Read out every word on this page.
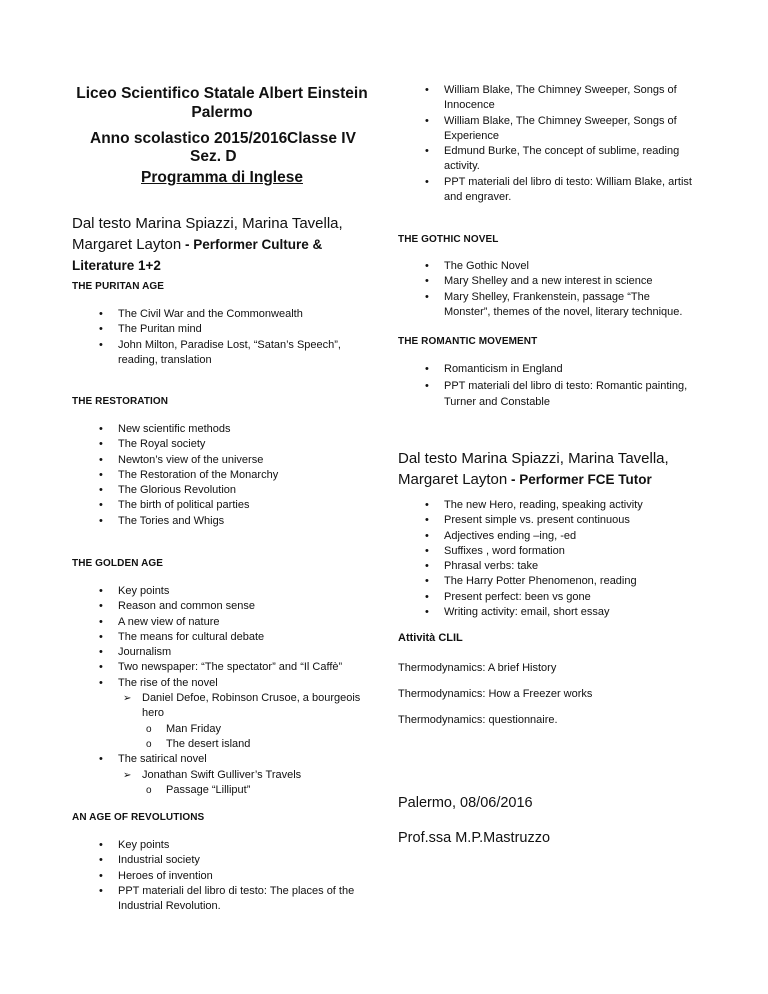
Liceo Scientifico Statale Albert Einstein
Palermo
Anno scolastico 2015/2016 Classe IV
Sez. D
Programma di Inglese
Dal testo Marina Spiazzi, Marina Tavella,
Margaret Layton - Performer Culture &
Literature 1+2
THE PURITAN AGE
• The Civil War and the Commonwealth
• The Puritan mind
• John Milton, Paradise Lost, “Satan’s Speech”, reading, translation
THE RESTORATION
• New scientific methods
• The Royal society
• Newton’s view of the universe
• The Restoration of the Monarchy
• The Glorious Revolution
• The birth of political parties
• The Tories and Whigs
THE GOLDEN AGE
• Key points
• Reason and common sense
• A new view of nature
• The means for cultural debate
• Journalism
• Two newspaper: “The spectator” and “Il Caffè”
• The rise of the novel
➢ Daniel Defoe, Robinson Crusoe, a bourgeois hero
o Man Friday
o The desert island
• The satirical novel
➢ Jonathan Swift Gulliver’s Travels
o Passage “Lilliput”
AN AGE OF REVOLUTIONS
• Key points
• Industrial society
• Heroes of invention
• PPT materiali del libro di testo: The places of the Industrial Revolution.
• William Blake, The Chimney Sweeper, Songs of Innocence
• William Blake, The Chimney Sweeper, Songs of Experience
• Edmund Burke, The concept of sublime, reading activity.
• PPT materiali del libro di testo: William Blake, artist and engraver.
THE GOTHIC NOVEL
• The Gothic Novel
• Mary Shelley and a new interest in science
• Mary Shelley, Frankenstein, passage “The Monster”, themes of the novel, literary technique.
THE ROMANTIC MOVEMENT
• Romanticism in England
• PPT materiali del libro di testo: Romantic painting, Turner and Constable
Dal testo Marina Spiazzi, Marina Tavella,
Margaret Layton - Performer FCE Tutor
• The new Hero, reading, speaking activity
• Present simple vs. present continuous
• Adjectives ending –ing, -ed
• Suffixes , word formation
• Phrasal verbs: take
• The Harry Potter Phenomenon, reading
• Present perfect: been vs gone
• Writing activity: email, short essay
Attività CLIL
Thermodynamics: A brief History
Thermodynamics: How a Freezer works
Thermodynamics: questionnaire.
Palermo, 08/06/2016
Prof.ssa M.P.Mastruzzo
